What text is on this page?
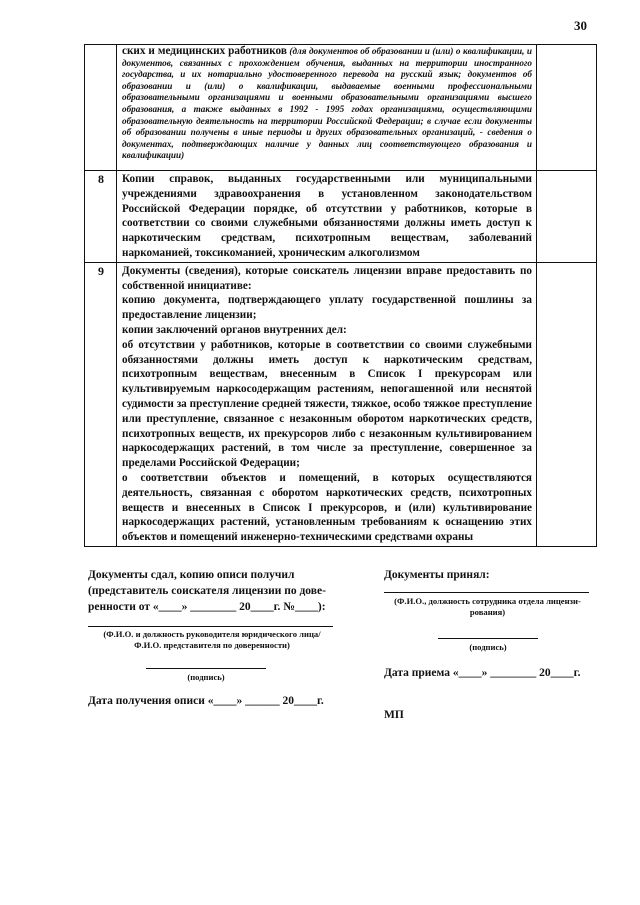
30

	ских и медицинских работников (для документов об образовании и (или) о квалификации, и документов, связанных с прохождением обучения, выданных на территории иностранного государства, и их нотариально удостоверенного перевода на русский язык; документов об образовании и (или) о квалификации, выдаваемые военными профессиональными образовательными организациями и военными образовательными организациями высшего образования, а также выданных в 1992 - 1995 годах организациями, осуществляющими образовательную деятельность на территории Российской Федерации; в случае если документы об образовании получены в иные периоды и других образовательных организаций, - сведения о документах, подтверждающих наличие у данных лиц соответствующего образования и квалификации)	

8	Копии справок, выданных государственными или муниципальными учреждениями здравоохранения в установленном законодательством Российской Федерации порядке, об отсутствии у работников, которые в соответствии со своими служебными обязанностями должны иметь доступ к наркотическим средствам, психотропным веществам, заболеваний наркоманией, токсикоманией, хроническим алкоголизмом	

9	Документы (сведения), которые соискатель лицензии вправе предоставить по собственной инициативе:
копию документа, подтверждающего уплату государственной пошлины за предоставление лицензии;
копии заключений органов внутренних дел:
об отсутствии у работников, которые в соответствии со своими служебными обязанностями должны иметь доступ к наркотическим средствам, психотропным веществам, внесенным в Список I прекурсорам или культивируемым наркосодержащим растениям, непогашенной или неснятой судимости за преступление средней тяжести, тяжкое, особо тяжкое преступление или преступление, связанное с незаконным оборотом наркотических средств, психотропных веществ, их прекурсоров либо с незаконным культивированием наркосодержащих растений, в том числе за преступление, совершенное за пределами Российской Федерации;
о соответствии объектов и помещений, в которых осуществляются деятельность, связанная с оборотом наркотических средств, психотропных веществ и внесенных в Список I прекурсоров, и (или) культивирование наркосодержащих растений, установленным требованиям к оснащению этих объектов и помещений инженерно-техническими средствами охраны	

Документы сдал, копию описи получил
(представитель соискателя лицензии по дове-
ренности от «____» ________ 20____г. №____):
(Ф.И.О. и должность руководителя юридического лица/
Ф.И.О. представителя по доверенности)
(подпись)
Дата получения описи «____» ______ 20____г.
Документы принял:
(Ф.И.О., должность сотрудника отдела лицензи-
рования)
(подпись)
Дата приема «____» ________ 20____г.
МП
